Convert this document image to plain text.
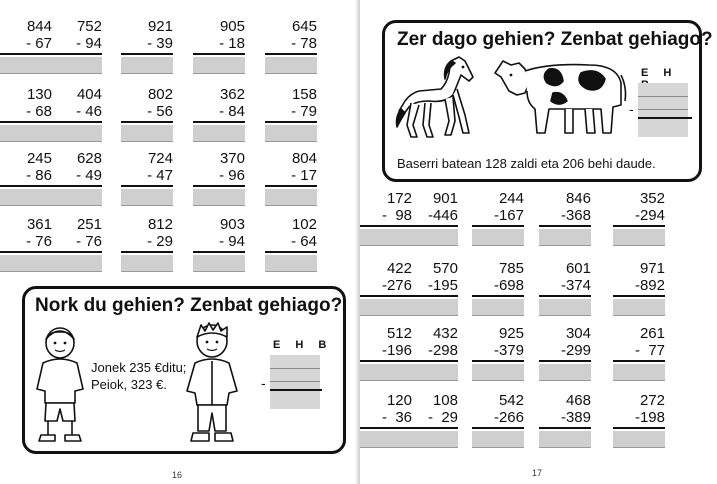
844
- 67
752
- 94
921
- 39
905
- 18
645
- 78
130
- 68
404
- 46
802
- 56
362
- 84
158
- 79
245
- 86
628
- 49
724
- 47
370
- 96
804
- 17
361
- 76
251
- 76
812
- 29
903
- 94
102
- 64
Nork du gehien? Zenbat gehiago?
Jonek 235 €ditu;
Peiok, 323 €.
E H B
-
16
Zer dago gehien? Zenbat gehiago?
E H
-
Baserri batean 128 zaldi eta 206 behi daude.
172
-  98
901
-446
244
-167
846
-368
352
-294
422
-276
570
-195
785
-698
601
-374
971
-892
512
-196
432
-298
925
-379
304
-299
261
-  77
120
-  36
108
-  29
542
-266
468
-389
272
-198
17
